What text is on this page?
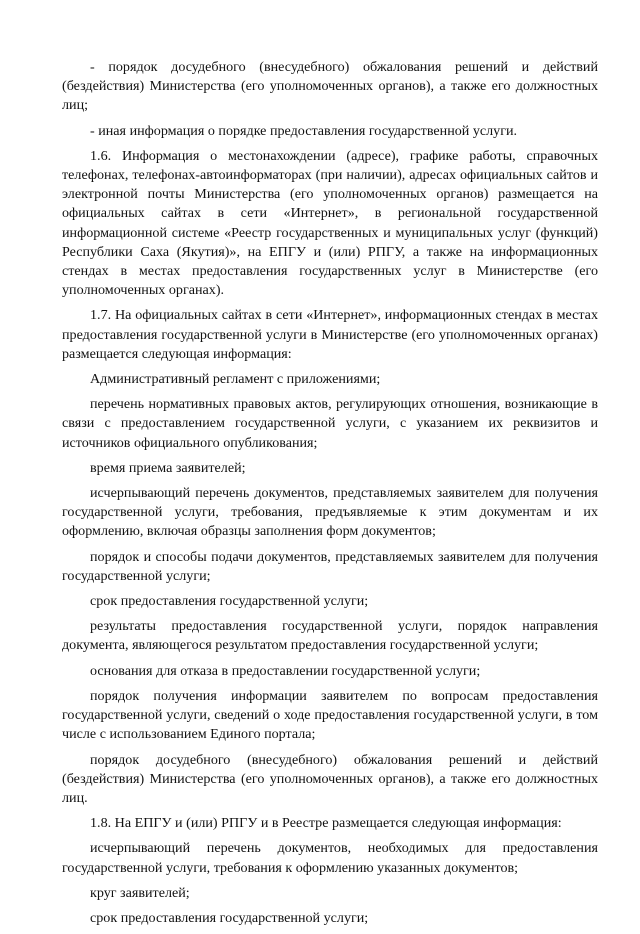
- порядок досудебного (внесудебного) обжалования решений и действий (бездействия) Министерства (его уполномоченных органов), а также его должностных лиц;

- иная информация о порядке предоставления государственной услуги.

1.6. Информация о местонахождении (адресе), графике работы, справочных телефонах, телефонах-автоинформаторах (при наличии), адресах официальных сайтов и электронной почты Министерства (его уполномоченных органов) размещается на официальных сайтах в сети «Интернет», в региональной государственной информационной системе «Реестр государственных и муниципальных услуг (функций) Республики Саха (Якутия)», на ЕПГУ и (или) РПГУ, а также на информационных стендах в местах предоставления государственных услуг в Министерстве (его уполномоченных органах).

1.7. На официальных сайтах в сети «Интернет», информационных стендах в местах предоставления государственной услуги в Министерстве (его уполномоченных органах) размещается следующая информация:

Административный регламент с приложениями;

перечень нормативных правовых актов, регулирующих отношения, возникающие в связи с предоставлением государственной услуги, с указанием их реквизитов и источников официального опубликования;

время приема заявителей;

исчерпывающий перечень документов, представляемых заявителем для получения государственной услуги, требования, предъявляемые к этим документам и их оформлению, включая образцы заполнения форм документов;

порядок и способы подачи документов, представляемых заявителем для получения государственной услуги;

срок предоставления государственной услуги;

результаты предоставления государственной услуги, порядок направления документа, являющегося результатом предоставления государственной услуги;

основания для отказа в предоставлении государственной услуги;

порядок получения информации заявителем по вопросам предоставления государственной услуги, сведений о ходе предоставления государственной услуги, в том числе с использованием Единого портала;

порядок досудебного (внесудебного) обжалования решений и действий (бездействия) Министерства (его уполномоченных органов), а также его должностных лиц.

1.8. На ЕПГУ и (или) РПГУ и в Реестре размещается следующая информация:

исчерпывающий перечень документов, необходимых для предоставления государственной услуги, требования к оформлению указанных документов;

круг заявителей;

срок предоставления государственной услуги;
